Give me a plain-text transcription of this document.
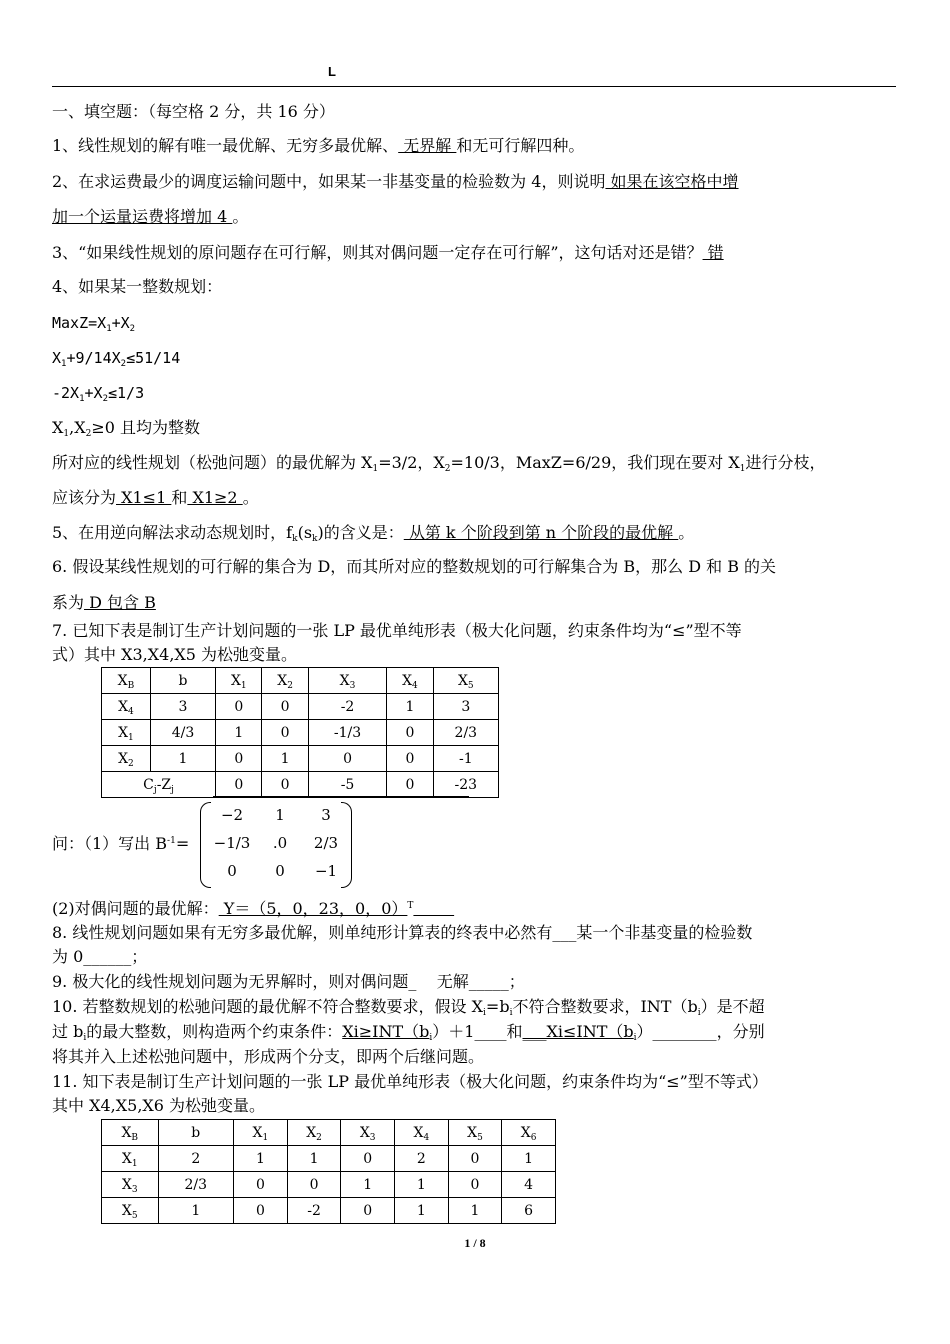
L
一、填空题：（每空格 2 分，共 16 分）
1、线性规划的解有唯一最优解、无穷多最优解、 无界解 和无可行解四种。
2、在求运费最少的调度运输问题中，如果某一非基变量的检验数为 4，则说明 如果在该空格中增
加一个运量运费将增加 4 。
3、“如果线性规划的原问题存在可行解，则其对偶问题一定存在可行解”，这句话对还是错？ 错
4、如果某一整数规划：
$MaxZ=X_1+X_2$
$X_1+9/14X_2\le 51/14$
$-2X_1+X_2\le 1/3$
$X_1,X_2\ge 0$ 且均为整数
所对应的线性规划（松弛问题）的最优解为 $X_1=3/2$，$X_2=10/3$，MaxZ=6/29，我们现在要对 $X_1$进行分枝，
应该分为 X1≤1 和 X1≥2 。
5、在用逆向解法求动态规划时，$f_k(s_k)$的含义是： 从第 k 个阶段到第 n 个阶段的最优解 。
6. 假设某线性规划的可行解的集合为 D，而其所对应的整数规划的可行解集合为 B，那么 D 和 B 的关
系为 D 包含 B
7. 已知下表是制订生产计划问题的一张 LP 最优单纯形表（极大化问题，约束条件均为“≤”型不等
式）其中 X3,X4,X5 为松弛变量。
$X_B$	b	$X_1$	$X_2$	$X_3$	$X_4$	$X_5$
$X_4$	3	0	0	-2	1	3
$X_1$	4/3	1	0	-1/3	0	2/3
$X_2$	1	0	1	0	0	-1
$C_j-Z_j$		0	0	-5	0	-23
问：（1）写出 $B^{-1}=$
−2	1	3
−1/3	.0	2/3
0	0	−1
(2)对偶问题的最优解： Y＝（5，0，23，0，0）$^T$
8. 线性规划问题如果有无穷多最优解，则单纯形计算表的终表中必然有___某一个非基变量的检验数
为 0______；
9. 极大化的线性规划问题为无界解时，则对偶问题_    无解_____；
10. 若整数规划的松驰问题的最优解不符合整数要求，假设 $X_i=b_i$不符合整数要求，$INT(b_i)$是不超
过 $b_i$的最大整数，则构造两个约束条件：$Xi\ge INT(b_i)+1\_\_\_\_$和$\_\_\_Xi\le INT(b_i)\_\_\_\_\_\_\_\_$，分别
将其并入上述松弛问题中，形成两个分支，即两个后继问题。
11. 知下表是制订生产计划问题的一张 LP 最优单纯形表（极大化问题，约束条件均为“≤”型不等式）
其中 X4,X5,X6 为松弛变量。
$X_B$	b	$X_1$	$X_2$	$X_3$	$X_4$	$X_5$	$X_6$
$X_1$	2	1	1	0	2	0	1
$X_3$	2/3	0	0	1	1	0	4
$X_5$	1	0	-2	0	1	1	6
1 / 8
